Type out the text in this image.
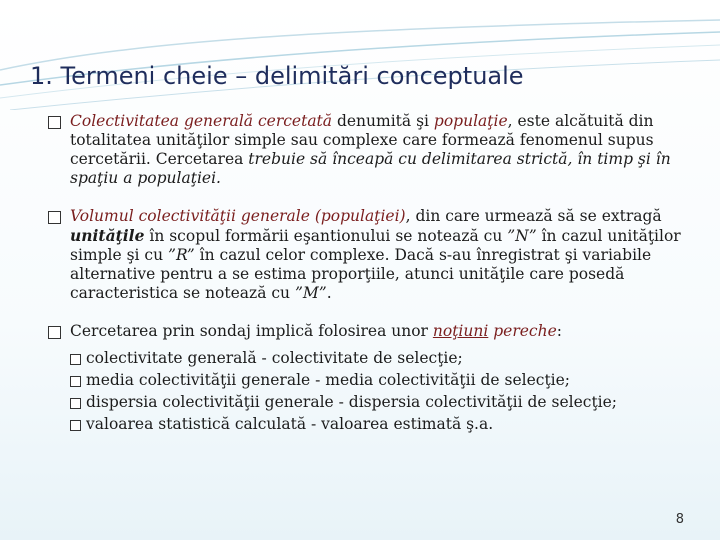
1. Termeni cheie – delimitări conceptuale
Colectivitatea generală cercetată denumită şi populaţie, este alcătuită din totalitatea unităţilor simple sau complexe care formează fenomenul supus cercetării. Cercetarea trebuie să înceapă cu delimitarea strictă, în timp şi în spaţiu a populaţiei.
Volumul colectivităţii generale (populaţiei), din care urmează să se extragă unităţile în scopul formării eşantionului se notează cu ”N” în cazul unităţilor simple şi cu ”R” în cazul celor complexe. Dacă s-au înregistrat şi variabile alternative pentru a se estima proporţiile, atunci unităţile care posedă caracteristica se notează cu ”M”.
Cercetarea prin sondaj implică folosirea unor noţiuni pereche:
colectivitate generală - colectivitate de selecţie;
media colectivităţii generale - media colectivităţii de selecţie;
dispersia colectivităţii generale - dispersia colectivităţii de selecţie;
valoarea statistică calculată - valoarea estimată ş.a.
8
